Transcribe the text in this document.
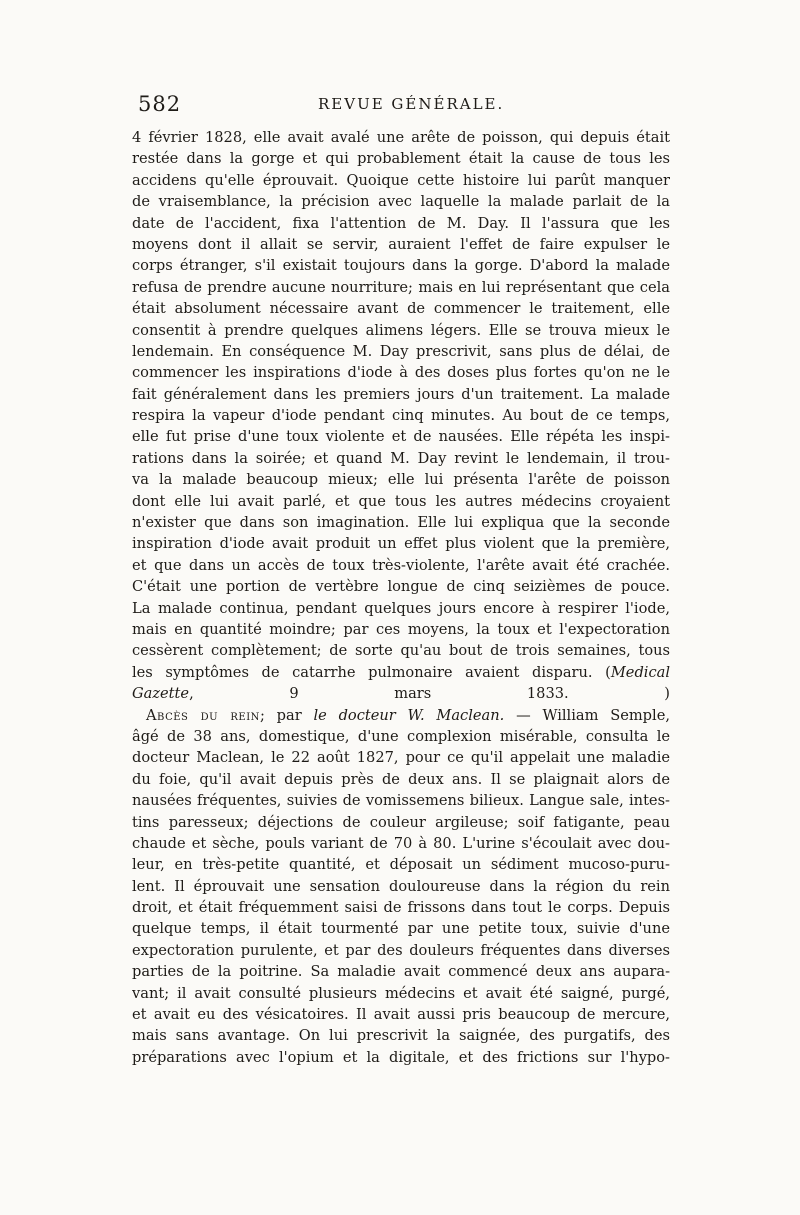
582	REVUE GÉNÉRALE.
4 février 1828, elle avait avalé une arête de poisson, qui depuis était
restée dans la gorge et qui probablement était la cause de tous les
accidens qu'elle éprouvait. Quoique cette histoire lui parût manquer
de vraisemblance, la précision avec laquelle la malade parlait de la
date de l'accident, fixa l'attention de M. Day. Il l'assura que les
moyens dont il allait se servir, auraient l'effet de faire expulser le
corps étranger, s'il existait toujours dans la gorge. D'abord la malade
refusa de prendre aucune nourriture; mais en lui représentant que cela
était absolument nécessaire avant de commencer le traitement, elle
consentit à prendre quelques alimens légers. Elle se trouva mieux le
lendemain. En conséquence M. Day prescrivit, sans plus de délai, de
commencer les inspirations d'iode à des doses plus fortes qu'on ne le
fait généralement dans les premiers jours d'un traitement. La malade
respira la vapeur d'iode pendant cinq minutes. Au bout de ce temps,
elle fut prise d'une toux violente et de nausées. Elle répéta les inspi-
rations dans la soirée; et quand M. Day revint le lendemain, il trou-
va la malade beaucoup mieux; elle lui présenta l'arête de poisson
dont elle lui avait parlé, et que tous les autres médecins croyaient
n'exister que dans son imagination. Elle lui expliqua que la seconde
inspiration d'iode avait produit un effet plus violent que la première,
et que dans un accès de toux très-violente, l'arête avait été crachée.
C'était une portion de vertèbre longue de cinq seizièmes de pouce.
La malade continua, pendant quelques jours encore à respirer l'iode,
mais en quantité moindre; par ces moyens, la toux et l'expectoration
cessèrent complètement; de sorte qu'au bout de trois semaines, tous
les symptômes de catarrhe pulmonaire avaient disparu. (Medical
Gazette, 9 mars 1833. )
Abcès du rein; par le docteur W. Maclean. — William Semple,
âgé de 38 ans, domestique, d'une complexion misérable, consulta le
docteur Maclean, le 22 août 1827, pour ce qu'il appelait une maladie
du foie, qu'il avait depuis près de deux ans. Il se plaignait alors de
nausées fréquentes, suivies de vomissemens bilieux. Langue sale, intes-
tins paresseux; déjections de couleur argileuse; soif fatigante, peau
chaude et sèche, pouls variant de 70 à 80. L'urine s'écoulait avec dou-
leur, en très-petite quantité, et déposait un sédiment mucoso-puru-
lent. Il éprouvait une sensation douloureuse dans la région du rein
droit, et était fréquemment saisi de frissons dans tout le corps. Depuis
quelque temps, il était tourmenté par une petite toux, suivie d'une
expectoration purulente, et par des douleurs fréquentes dans diverses
parties de la poitrine. Sa maladie avait commencé deux ans aupara-
vant; il avait consulté plusieurs médecins et avait été saigné, purgé,
et avait eu des vésicatoires. Il avait aussi pris beaucoup de mercure,
mais sans avantage. On lui prescrivit la saignée, des purgatifs, des
préparations avec l'opium et la digitale, et des frictions sur l'hypo-
